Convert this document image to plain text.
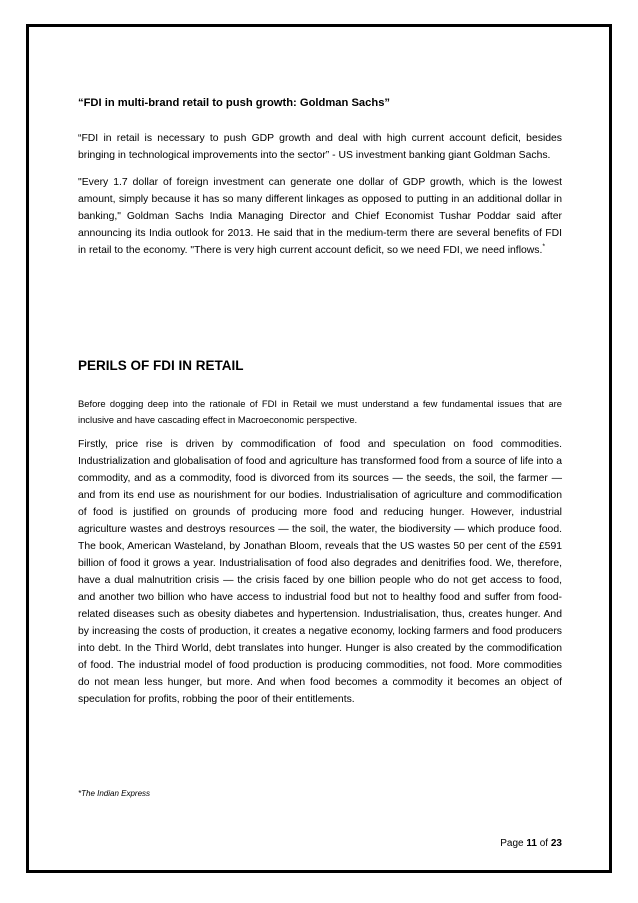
“FDI in multi-brand retail to push growth: Goldman Sachs”

“FDI in retail is necessary to push GDP growth and deal with high current account deficit, besides bringing in technological improvements into the sector” - US investment banking giant Goldman Sachs.

"Every 1.7 dollar of foreign investment can generate one dollar of GDP growth, which is the lowest amount, simply because it has so many different linkages as opposed to putting in an additional dollar in banking," Goldman Sachs India Managing Director and Chief Economist Tushar Poddar said after announcing its India outlook for 2013. He said that in the medium-term there are several benefits of FDI in retail to the economy. "There is very high current account deficit, so we need FDI, we need inflows.*

PERILS OF FDI IN RETAIL

Before dogging deep into the rationale of FDI in Retail we must understand a few fundamental issues that are inclusive and have cascading effect in Macroeconomic perspective.

Firstly, price rise is driven by commodification of food and speculation on food commodities. Industrialization and globalisation of food and agriculture has transformed food from a source of life into a commodity, and as a commodity, food is divorced from its sources — the seeds, the soil, the farmer — and from its end use as nourishment for our bodies. Industrialisation of agriculture and commodification of food is justified on grounds of producing more food and reducing hunger. However, industrial agriculture wastes and destroys resources — the soil, the water, the biodiversity — which produce food. The book, American Wasteland, by Jonathan Bloom, reveals that the US wastes 50 per cent of the £591 billion of food it grows a year. Industrialisation of food also degrades and denitrifies food. We, therefore, have a dual malnutrition crisis — the crisis faced by one billion people who do not get access to food, and another two billion who have access to industrial food but not to healthy food and suffer from food-related diseases such as obesity diabetes and hypertension. Industrialisation, thus, creates hunger. And by increasing the costs of production, it creates a negative economy, locking farmers and food producers into debt. In the Third World, debt translates into hunger. Hunger is also created by the commodification of food. The industrial model of food production is producing commodities, not food. More commodities do not mean less hunger, but more. And when food becomes a commodity it becomes an object of speculation for profits, robbing the poor of their entitlements.

*The Indian Express

Page 11 of 23
